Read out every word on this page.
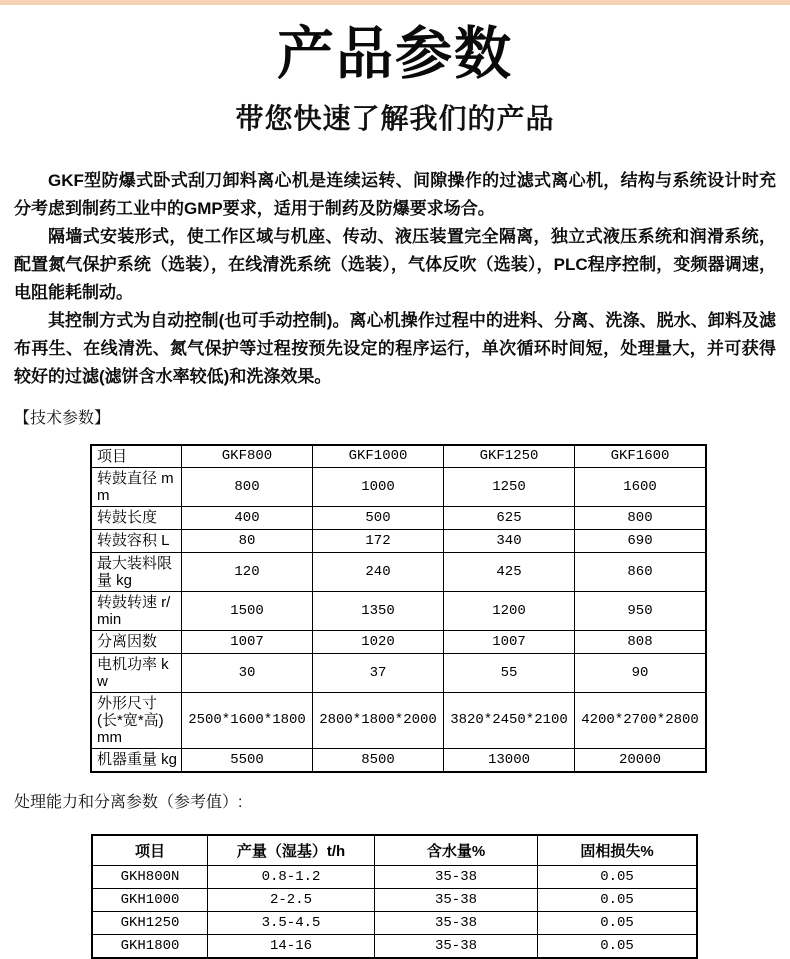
产品参数
带您快速了解我们的产品

GKF型防爆式卧式刮刀卸料离心机是连续运转、间隙操作的过滤式离心机，结构与系统设计时充分考虑到制药工业中的GMP要求，适用于制药及防爆要求场合。

隔墙式安装形式，使工作区域与机座、传动、液压装置完全隔离，独立式液压系统和润滑系统，配置氮气保护系统（选装），在线清洗系统（选装），气体反吹（选装），PLC程序控制，变频器调速，电阻能耗制动。

其控制方式为自动控制(也可手动控制)。离心机操作过程中的进料、分离、洗涤、脱水、卸料及滤布再生、在线清洗、氮气保护等过程按预先设定的程序运行，单次循环时间短，处理量大，并可获得较好的过滤(滤饼含水率较低)和洗涤效果。

【技术参数】
项目	GKF800	GKF1000	GKF1250	GKF1600
转鼓直径 mm	800	1000	1250	1600
转鼓长度	400	500	625	800
转鼓容积 L	80	172	340	690
最大装料限量 kg	120	240	425	860
转鼓转速 r/min	1500	1350	1200	950
分离因数	1007	1020	1007	808
电机功率 kw	30	37	55	90
外形尺寸 (长*宽*高) mm	2500*1600*1800	2800*1800*2000	3820*2450*2100	4200*2700*2800
机器重量 kg	5500	8500	13000	20000
处理能力和分离参数（参考值）:
项目	产量（湿基）t/h	含水量%	固相损失%
GKH800N	0.8-1.2	35-38	0.05
GKH1000	2-2.5	35-38	0.05
GKH1250	3.5-4.5	35-38	0.05
GKH1800	14-16	35-38	0.05
